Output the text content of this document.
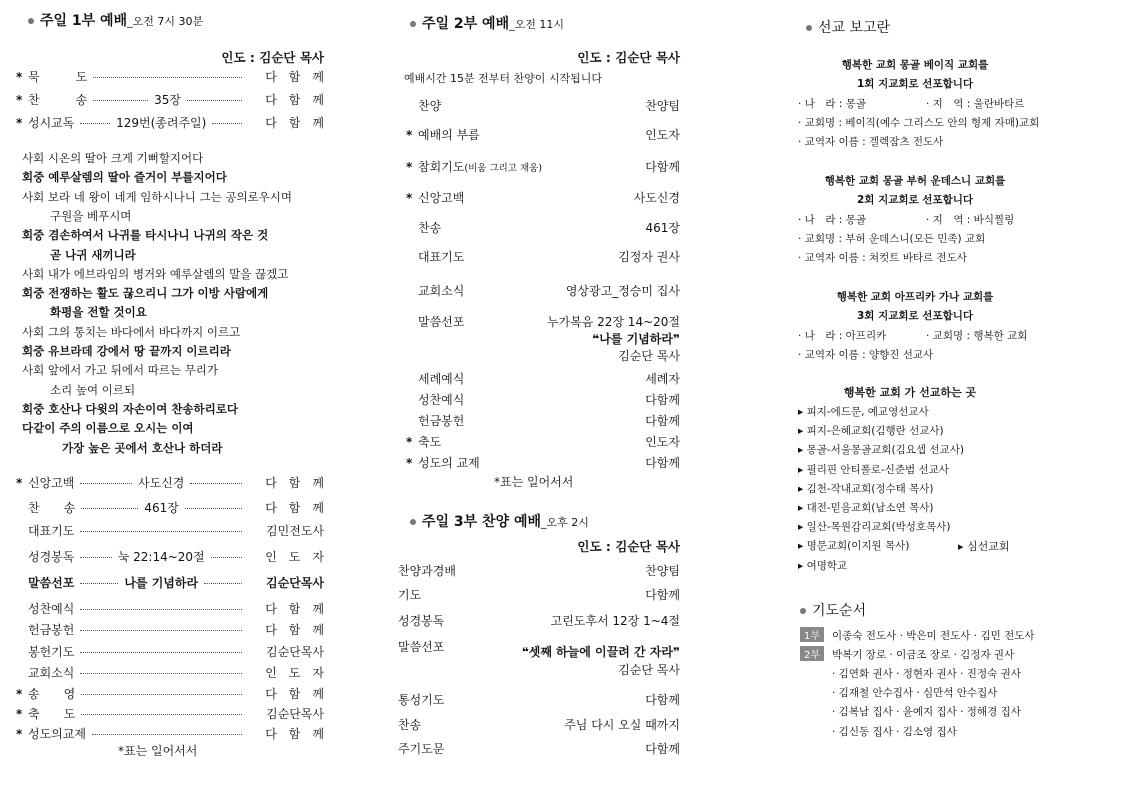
주일 1부 예배_오전 7시 30분
인도 : 김순단 목사
* 묵　　　도	다　함　께
* 찬　　　송	35장	다　함　께
* 성시교독	129번(종려주일)	다　함　께
사회 시온의 딸아 크게 기뻐할지어다
회중 예루살렘의 딸아 즐거이 부를지어다
사회 보라 네 왕이 네게 임하시나니 그는 공의로우시며
구원을 베푸시며
회중 겸손하여서 나귀를 타시나니 나귀의 작은 것
곧 나귀 새끼니라
사회 내가 에브라임의 병거와 예루살렘의 말을 끊겠고
회중 전쟁하는 활도 끊으리니 그가 이방 사람에게
화평을 전할 것이요
사회 그의 통치는 바다에서 바다까지 이르고
회중 유브라데 강에서 땅 끝까지 이르리라
사회 앞에서 가고 뒤에서 따르는 무리가
소리 높여 이르되
회중 호산나 다윗의 자손이여 찬송하리로다
다같이 주의 이름으로 오시는 이여
가장 높은 곳에서 호산나 하더라
* 신앙고백	사도신경	다　함　께
찬　　송	461장	다　함　께
대표기도	김민전도사
성경봉독	눅 22:14~20절	인　도　자
말씀선포	나를 기념하라	김순단목사
성찬예식	다　함　께
헌금봉헌	다　함　께
봉헌기도	김순단목사
교회소식	인　도　자
* 송　　영	다　함　께
* 축　　도	김순단목사
* 성도의교제	다　함　께
*표는 일어서서
주일 2부 예배_오전 11시
인도 : 김순단 목사
예배시간 15분 전부터 찬양이 시작됩니다
찬양	찬양팀
* 예배의 부름	인도자
* 참회기도(비움 그리고 채움)	다함께
* 신앙고백	사도신경
찬송	461장
대표기도	김정자 권사
교회소식	영상광고_정승미 집사
말씀선포	누가복음 22장 14~20절
❝나를 기념하라❞
김순단 목사
세례예식	세례자
성찬예식	다함께
헌금봉헌	다함께
* 축도	인도자
* 성도의 교제	다함께
*표는 일어서서
주일 3부 찬양 예배_오후 2시
인도 : 김순단 목사
찬양과경배	찬양팀
기도	다함께
성경봉독	고린도후서 12장 1~4절
말씀선포	❝셋째 하늘에 이끌려 간 자라❞
김순단 목사
통성기도	다함께
찬송	주님 다시 오실 때까지
주기도문	다함께
선교 보고란
행복한 교회 몽골 베이직 교회를
1회 지교회로 선포합니다
· 나　라 : 몽골	· 지　역 : 울란바타르
· 교회명 : 베이직(예수 그리스도 안의 형제 자매)교회
· 교역자 이름 : 겔렉잠츠 전도사
행복한 교회 몽골 부허 운데스니 교회를
2회 지교회로 선포합니다
· 나　라 : 몽골	· 지　역 : 바식찔링
· 교회명 : 부허 운데스니(모든 민족) 교회
· 교역자 이름 : 쳐컷트 바타르 전도사
행복한 교회 아프리카 가나 교회를
3회 지교회로 선포합니다
· 나　라 : 아프리카	· 교회명 : 행복한 교회
· 교역자 이름 : 양향진 선교사
행복한 교회 가 선교하는 곳
▸ 피지-에드문, 예교영선교사
▸ 피지-은혜교회(김행란 선교사)
▸ 몽골-서울몽골교회(김요셉 선교사)
▸ 필리핀 안티폴로-신준범 선교사
▸ 김천-작내교회(정수태 목사)
▸ 대전-믿음교회(남소연 목사)
▸ 일산-목원감리교회(박성호목사)
▸ 명문교회(이지원 목사)
▸ 여명학교
▸ 심선교회
기도순서
1부 이종숙 전도사 · 박은미 전도사 · 김민 전도사
2부 박복기 장로 · 이금조 장로 · 김정자 권사
· 김연화 권사 · 정현자 권사 · 진정숙 권사
· 김재철 안수집사 · 심만석 안수집사
· 김복남 집사 · 윤예지 집사 · 정해경 집사
· 김신동 집사 · 김소영 집사
